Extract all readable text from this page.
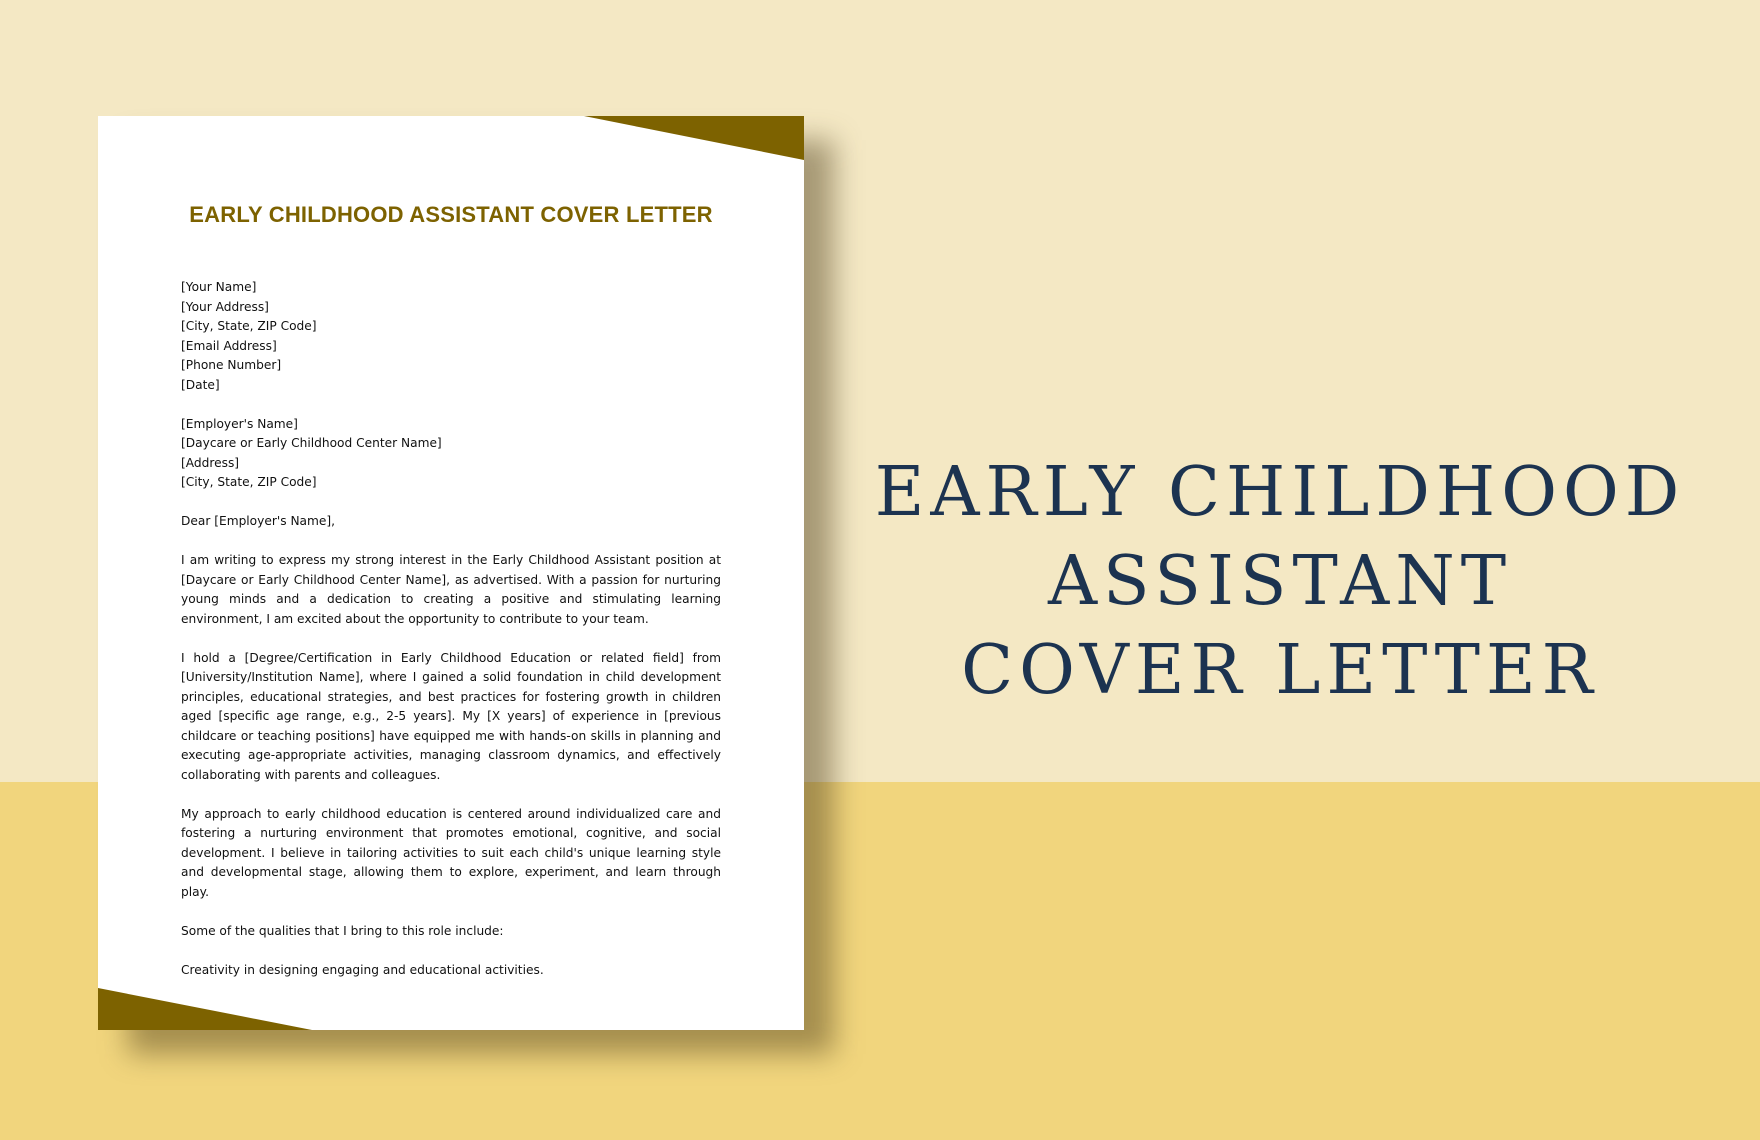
EARLY CHILDHOOD ASSISTANT COVER LETTER
[Your Name]
[Your Address]
[City, State, ZIP Code]
[Email Address]
[Phone Number]
[Date]
[Employer's Name]
[Daycare or Early Childhood Center Name]
[Address]
[City, State, ZIP Code]
Dear [Employer's Name],
I am writing to express my strong interest in the Early Childhood Assistant position at [Daycare or Early Childhood Center Name], as advertised. With a passion for nurturing young minds and a dedication to creating a positive and stimulating learning environment, I am excited about the opportunity to contribute to your team.
I hold a [Degree/Certification in Early Childhood Education or related field] from [University/Institution Name], where I gained a solid foundation in child development principles, educational strategies, and best practices for fostering growth in children aged [specific age range, e.g., 2-5 years]. My [X years] of experience in [previous childcare or teaching positions] have equipped me with hands-on skills in planning and executing age-appropriate activities, managing classroom dynamics, and effectively collaborating with parents and colleagues.
My approach to early childhood education is centered around individualized care and fostering a nurturing environment that promotes emotional, cognitive, and social development. I believe in tailoring activities to suit each child's unique learning style and developmental stage, allowing them to explore, experiment, and learn through play.
Some of the qualities that I bring to this role include:
Creativity in designing engaging and educational activities.
EARLY CHILDHOOD
ASSISTANT
COVER LETTER
